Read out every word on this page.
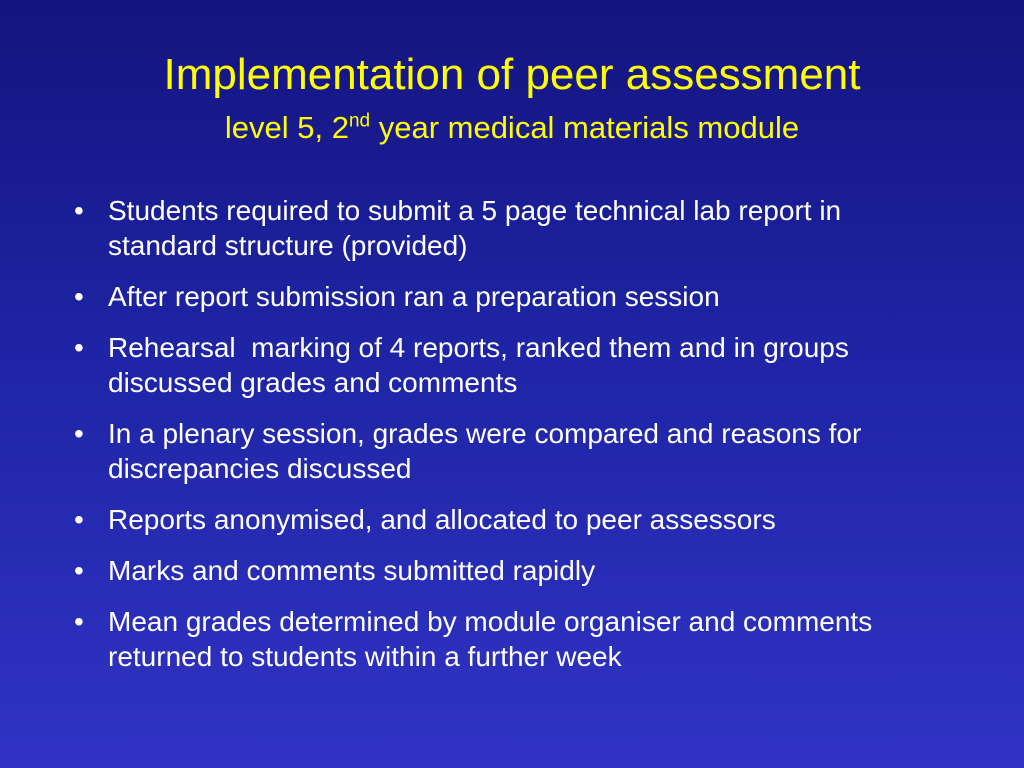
Implementation of peer assessment
level 5, 2nd year medical materials module
• Students required to submit a 5 page technical lab report in standard structure (provided)
• After report submission ran a preparation session
• Rehearsal  marking of 4 reports, ranked them and in groups discussed grades and comments
• In a plenary session, grades were compared and reasons for discrepancies discussed
• Reports anonymised, and allocated to peer assessors
• Marks and comments submitted rapidly
• Mean grades determined by module organiser and comments returned to students within a further week
